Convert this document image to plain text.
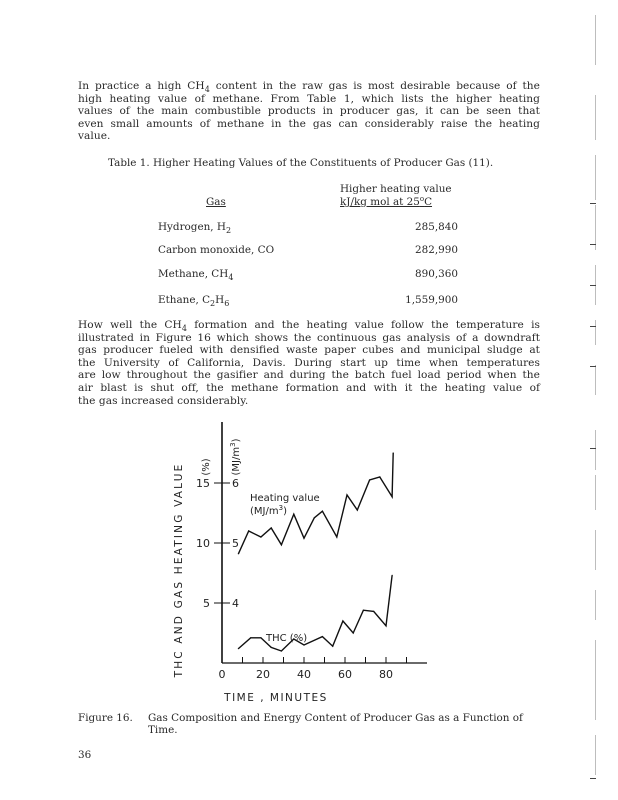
In practice a high $CH_4$ content in the raw gas is most desirable because of the
high heating value of methane. From Table 1, which lists the higher heating
values of the main combustible products in producer gas, it can be seen that
even small amounts of methane in the gas can considerably raise the heating
value.
Table 1. Higher Heating Values of the Constituents of Producer Gas (11).
Gas
Higher heating value
kJ/kg mol at 25$^o$C
Hydrogen, $H_2$	285,840
Carbon monoxide, CO	282,990
Methane, $CH_4$	890,360
Ethane, $C_2H_6$	1,559,900
How well the $CH_4$ formation and the heating value follow the temperature is
illustrated in Figure 16 which shows the continuous gas analysis of a downdraft
gas producer fueled with densified waste paper cubes and municipal sludge at
the University of California, Davis. During start up time when temperatures
are low throughout the gasifier and during the batch fuel load period when the
air blast is shut off, the methane formation and with it the heating value of
the gas increased considerably.
0	20 40 60 80
5 4
10 5
15 6
THC AND GAS HEATING VALUE (%) $(MJ/m^3)$
TIME , MINUTES
Heating value
$(MJ/m^3)$
THC (%)
Figure 16. Gas Composition and Energy Content of Producer Gas as a Function of Time.
36
